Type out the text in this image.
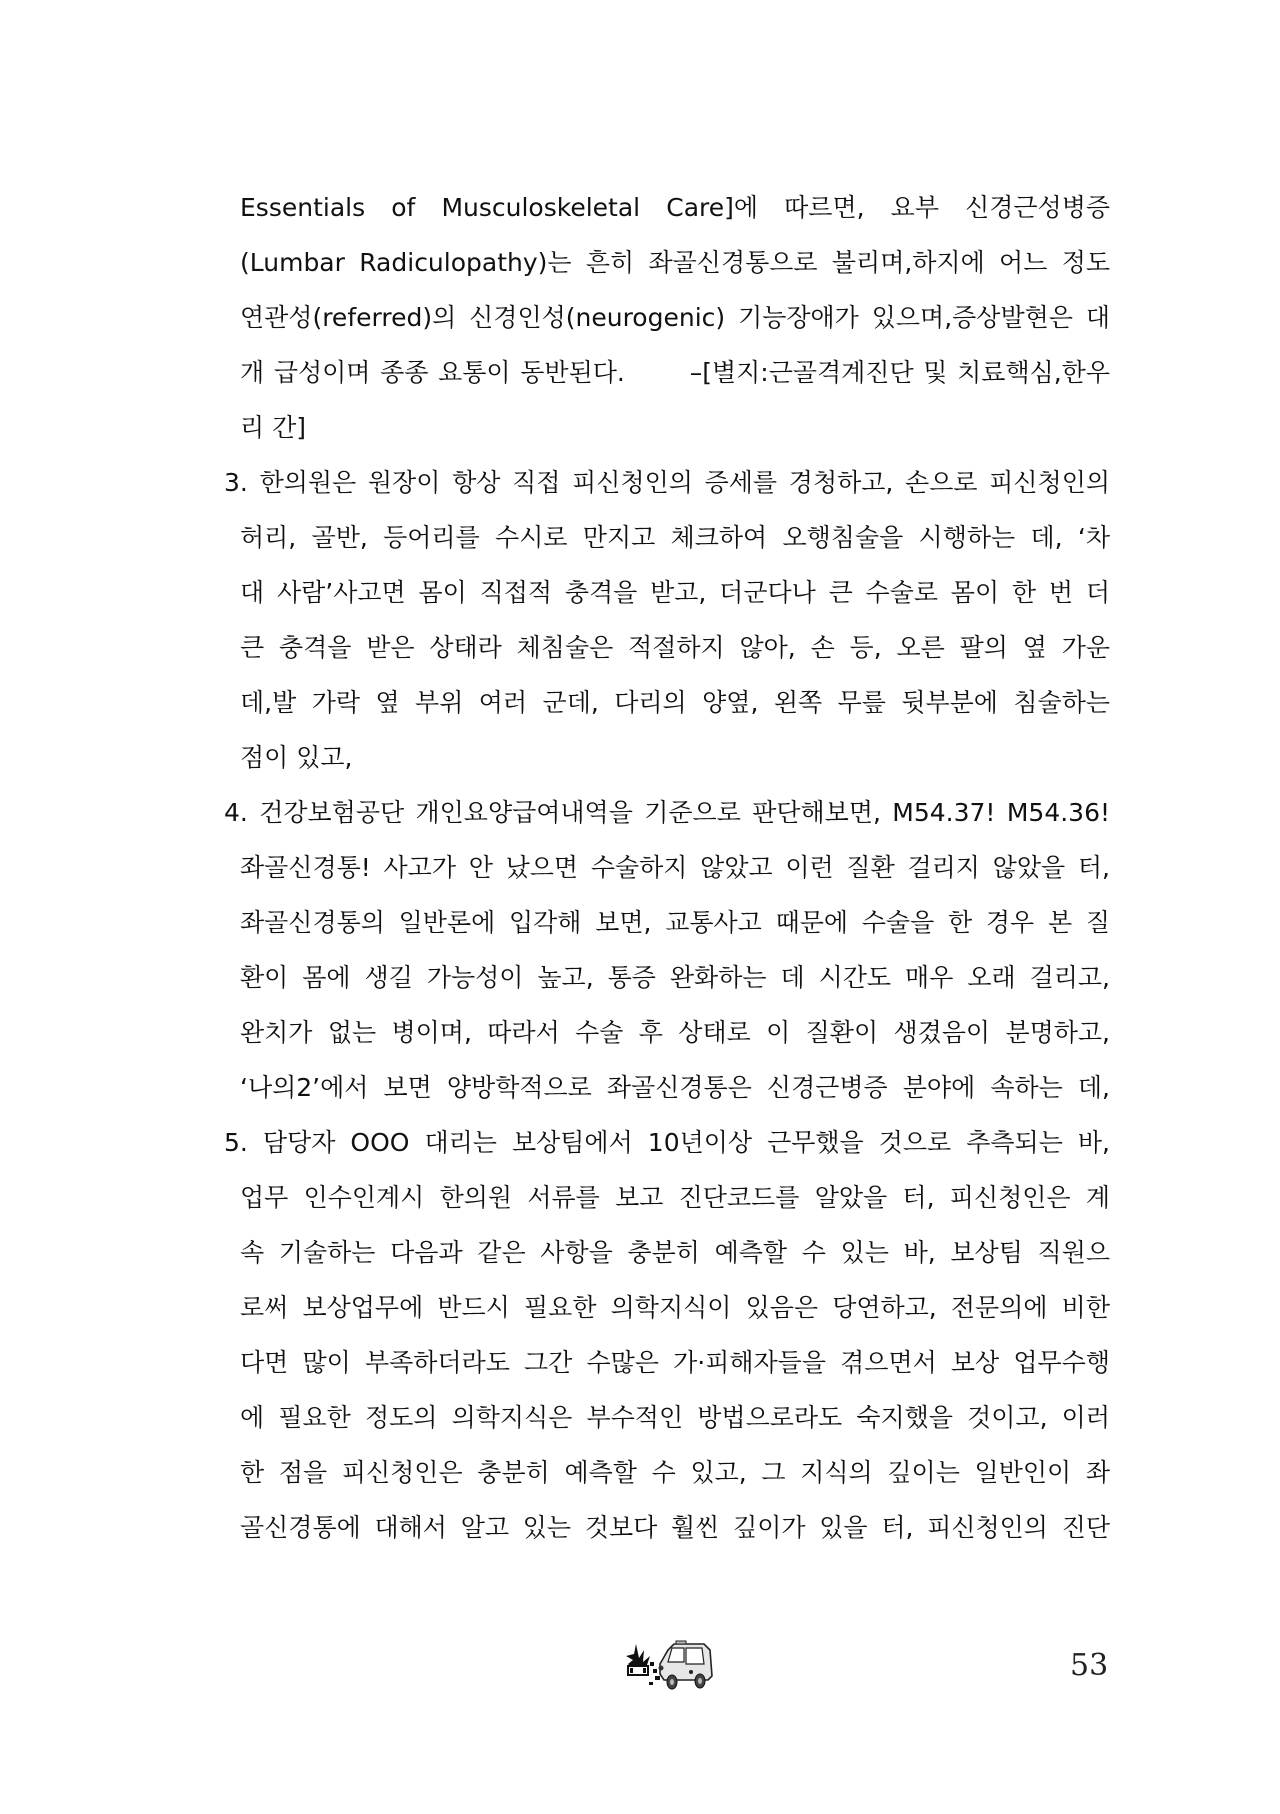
Essentials of Musculoskeletal Care]에 따르면, 요부 신경근성병증
(Lumbar Radiculopathy)는 흔히 좌골신경통으로 불리며,하지에 어느 정도
연관성(referred)의 신경인성(neurogenic) 기능장애가 있으며,증상발현은 대
개 급성이며 종종 요통이 동반된다.　　 –[별지:근골격계진단 및 치료핵심,한우
리 간]
3. 한의원은 원장이 항상 직접 피신청인의 증세를 경청하고, 손으로 피신청인의
허리, 골반, 등어리를 수시로 만지고 체크하여 오행침술을 시행하는 데, ‘차
대 사람’사고면 몸이 직접적 충격을 받고, 더군다나 큰 수술로 몸이 한 번 더
큰 충격을 받은 상태라 체침술은 적절하지 않아, 손 등, 오른 팔의 옆 가운
데,발 가락 옆 부위 여러 군데, 다리의 양옆, 왼쪽 무릎 뒷부분에 침술하는
점이 있고,
4. 건강보험공단 개인요양급여내역을 기준으로 판단해보면, M54.37! M54.36!
좌골신경통! 사고가 안 났으면 수술하지 않았고 이런 질환 걸리지 않았을 터,
좌골신경통의 일반론에 입각해 보면, 교통사고 때문에 수술을 한 경우 본 질
환이 몸에 생길 가능성이 높고, 통증 완화하는 데 시간도 매우 오래 걸리고,
완치가 없는 병이며, 따라서 수술 후 상태로 이 질환이 생겼음이 분명하고,
‘나의2’에서 보면 양방학적으로 좌골신경통은 신경근병증 분야에 속하는 데,
5. 담당자 OOO 대리는 보상팀에서 10년이상 근무했을 것으로 추측되는 바,
업무 인수인계시 한의원 서류를 보고 진단코드를 알았을 터, 피신청인은 계
속 기술하는 다음과 같은 사항을 충분히 예측할 수 있는 바, 보상팀 직원으
로써 보상업무에 반드시 필요한 의학지식이 있음은 당연하고, 전문의에 비한
다면 많이 부족하더라도 그간 수많은 가·피해자들을 겪으면서 보상 업무수행
에 필요한 정도의 의학지식은 부수적인 방법으로라도 숙지했을 것이고, 이러
한 점을 피신청인은 충분히 예측할 수 있고, 그 지식의 깊이는 일반인이 좌
골신경통에 대해서 알고 있는 것보다 훨씬 깊이가 있을 터, 피신청인의 진단
53
